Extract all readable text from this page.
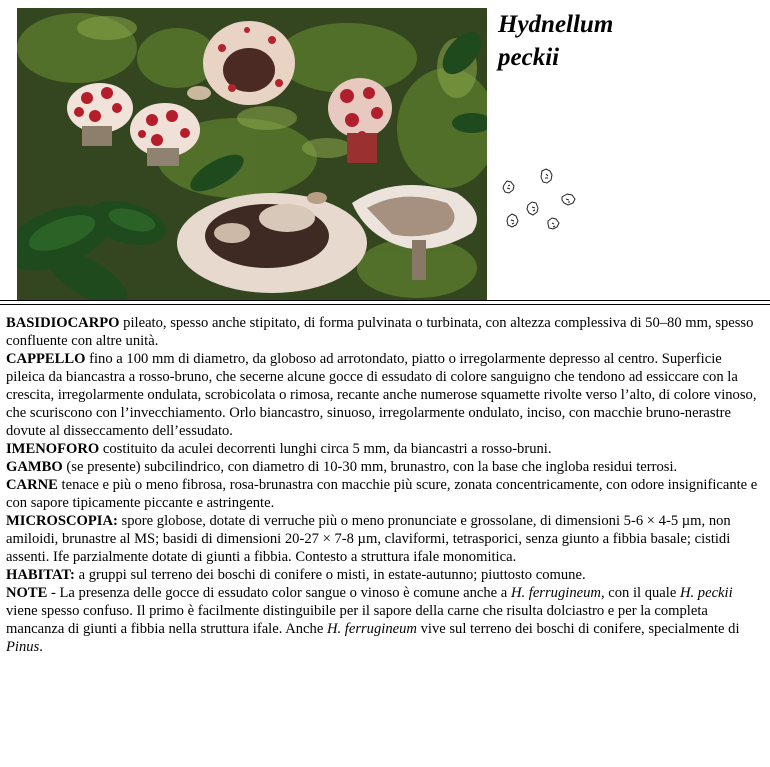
Hydnellum
peckii

BASIDIOCARPO pileato, spesso anche stipitato, di forma pulvinata o turbinata, con altezza complessiva di 50–80 mm, spesso confluente con altre unità.

CAPPELLO fino a 100 mm di diametro, da globoso ad arrotondato, piatto o irregolarmente depresso al centro. Superficie pileica da biancastra a rosso-bruno, che secerne alcune gocce di essudato di colore sanguigno che tendono ad essiccare con la crescita, irregolarmente ondulata, scrobicolata o rimosa, recante anche numerose squamette rivolte verso l’alto, di colore vinoso, che scuriscono con l’invecchiamento. Orlo biancastro, sinuoso, irregolarmente ondulato, inciso, con macchie bruno-nerastre dovute al disseccamento dell’essudato.

IMENOFORO costituito da aculei decorrenti lunghi circa 5 mm, da biancastri a rosso-bruni.

GAMBO (se presente) subcilindrico, con diametro di 10-30 mm, brunastro, con la base che ingloba residui terrosi.

CARNE tenace e più o meno fibrosa, rosa-brunastra con macchie più scure, zonata concentricamente, con odore insignificante e con sapore tipicamente piccante e astringente.

MICROSCOPIA: spore globose, dotate di verruche più o meno pronunciate e grossolane, di dimensioni 5-6 × 4-5 µm, non amiloidi, brunastre al MS; basidi di dimensioni 20-27 × 7-8 µm, claviformi, tetrasporici, senza giunto a fibbia basale; cistidi assenti. Ife parzialmente dotate di giunti a fibbia. Contesto a struttura ifale monomitica.

HABITAT: a gruppi sul terreno dei boschi di conifere o misti, in estate-autunno; piuttosto comune.

NOTE - La presenza delle gocce di essudato color sangue o vinoso è comune anche a H. ferrugineum, con il quale H. peckii viene spesso confuso. Il primo è facilmente distinguibile per il sapore della carne che risulta dolciastro e per la completa mancanza di giunti a fibbia nella struttura ifale. Anche H. ferrugineum vive sul terreno dei boschi di conifere, specialmente di Pinus.
